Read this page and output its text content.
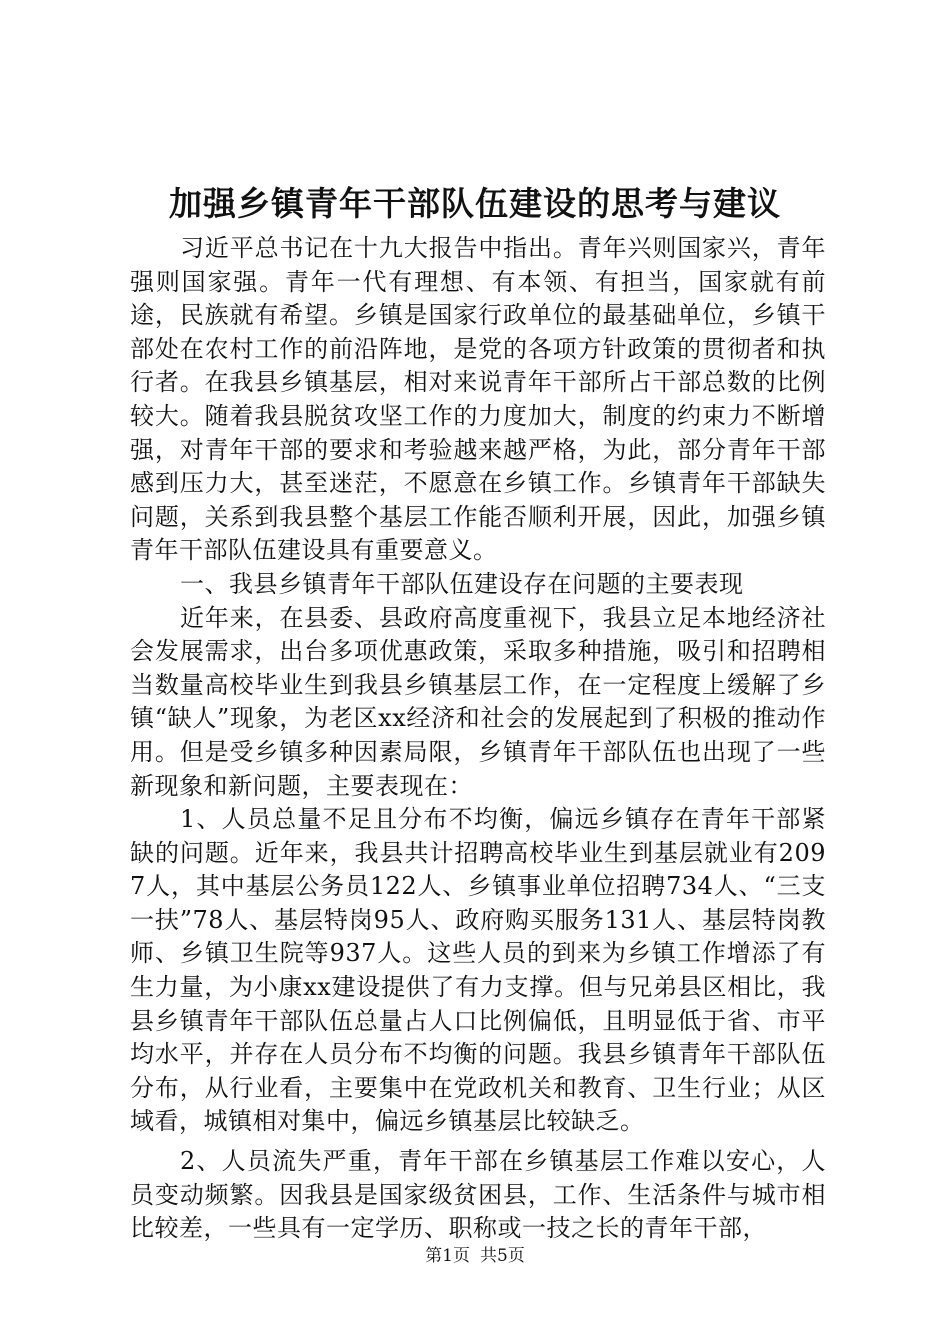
加强乡镇青年干部队伍建设的思考与建议

习近平总书记在十九大报告中指出。青年兴则国家兴，青年强则国家强。青年一代有理想、有本领、有担当，国家就有前途，民族就有希望。乡镇是国家行政单位的最基础单位，乡镇干部处在农村工作的前沿阵地，是党的各项方针政策的贯彻者和执行者。在我县乡镇基层，相对来说青年干部所占干部总数的比例较大。随着我县脱贫攻坚工作的力度加大，制度的约束力不断增强，对青年干部的要求和考验越来越严格，为此，部分青年干部感到压力大，甚至迷茫，不愿意在乡镇工作。乡镇青年干部缺失问题，关系到我县整个基层工作能否顺利开展，因此，加强乡镇青年干部队伍建设具有重要意义。

一、我县乡镇青年干部队伍建设存在问题的主要表现

近年来，在县委、县政府高度重视下，我县立足本地经济社会发展需求，出台多项优惠政策，采取多种措施，吸引和招聘相当数量高校毕业生到我县乡镇基层工作，在一定程度上缓解了乡镇“缺人”现象，为老区xx经济和社会的发展起到了积极的推动作用。但是受乡镇多种因素局限，乡镇青年干部队伍也出现了一些新现象和新问题，主要表现在：

1、人员总量不足且分布不均衡，偏远乡镇存在青年干部紧缺的问题。近年来，我县共计招聘高校毕业生到基层就业有2097人，其中基层公务员122人、乡镇事业单位招聘734人、“三支一扶”78人、基层特岗95人、政府购买服务131人、基层特岗教师、乡镇卫生院等937人。这些人员的到来为乡镇工作增添了有生力量，为小康xx建设提供了有力支撑。但与兄弟县区相比，我县乡镇青年干部队伍总量占人口比例偏低，且明显低于省、市平均水平，并存在人员分布不均衡的问题。我县乡镇青年干部队伍分布，从行业看，主要集中在党政机关和教育、卫生行业；从区域看，城镇相对集中，偏远乡镇基层比较缺乏。

2、人员流失严重，青年干部在乡镇基层工作难以安心，人员变动频繁。因我县是国家级贫困县，工作、生活条件与城市相比较差，一些具有一定学历、职称或一技之长的青年干部，

第1页 共5页
